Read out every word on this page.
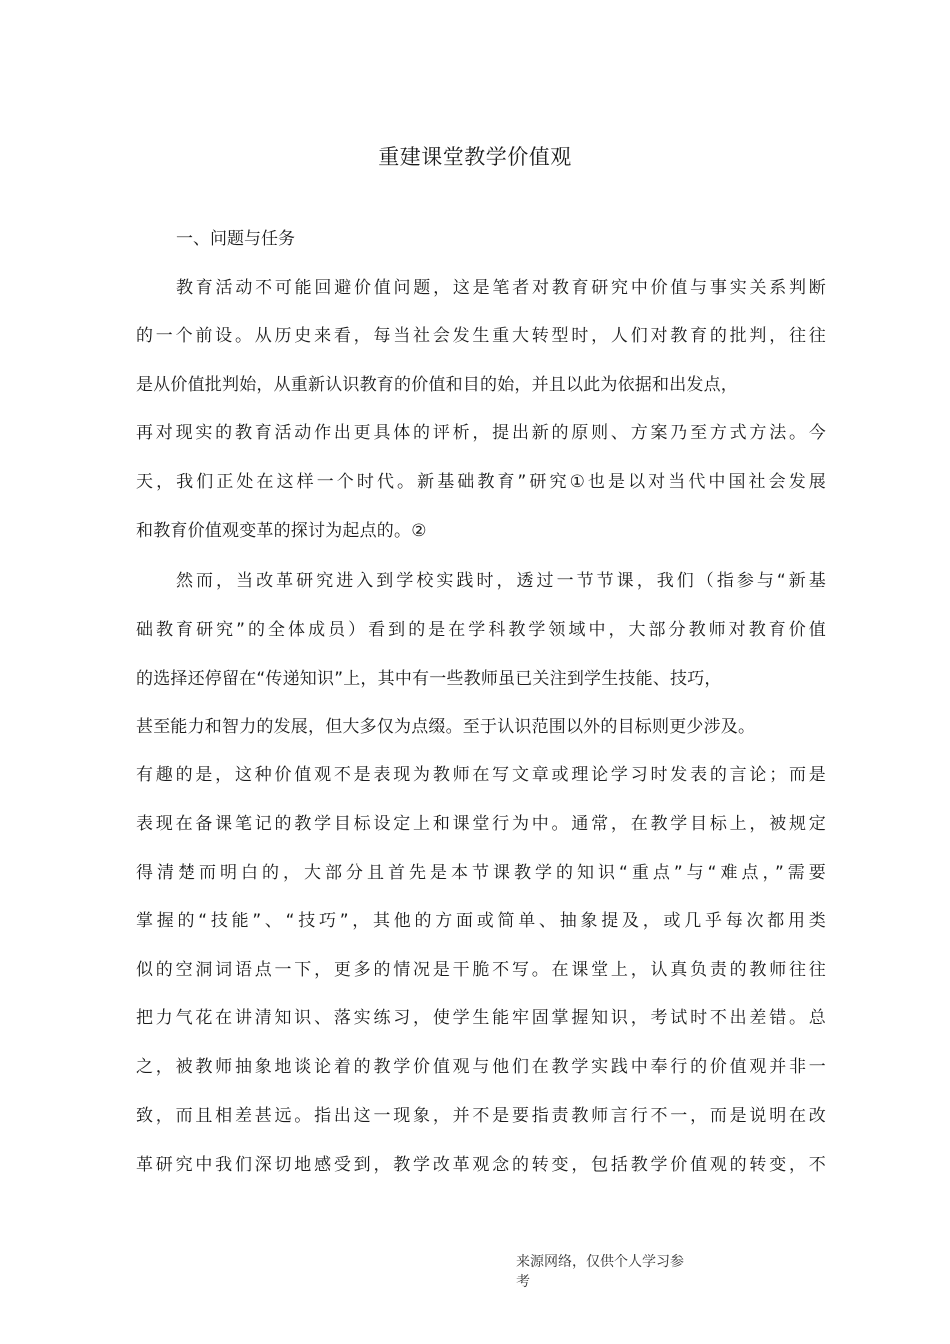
重建课堂教学价值观
一、问题与任务
教育活动不可能回避价值问题，这是笔者对教育研究中价值与事实关系判断
的一个前设。从历史来看，每当社会发生重大转型时，人们对教育的批判，往往
是从价值批判始，从重新认识教育的价值和目的始，并且以此为依据和出发点，
再对现实的教育活动作出更具体的评析，提出新的原则、方案乃至方式方法。今
天，我们正处在这样一个时代。新基础教育”研究①也是以对当代中国社会发展
和教育价值观变革的探讨为起点的。②
然而，当改革研究进入到学校实践时，透过一节节课，我们（指参与“新基
础教育研究”的全体成员）看到的是在学科教学领域中，大部分教师对教育价值
的选择还停留在“传递知识”上，其中有一些教师虽已关注到学生技能、技巧，
甚至能力和智力的发展，但大多仅为点缀。至于认识范围以外的目标则更少涉及。
有趣的是，这种价值观不是表现为教师在写文章或理论学习时发表的言论；而是
表现在备课笔记的教学目标设定上和课堂行为中。通常，在教学目标上，被规定
得清楚而明白的，大部分且首先是本节课教学的知识“重点”与“难点，”需要
掌握的“技能”、“技巧”，其他的方面或简单、抽象提及，或几乎每次都用类
似的空洞词语点一下，更多的情况是干脆不写。在课堂上，认真负责的教师往往
把力气花在讲清知识、落实练习，使学生能牢固掌握知识，考试时不出差错。总
之，被教师抽象地谈论着的教学价值观与他们在教学实践中奉行的价值观并非一
致，而且相差甚远。指出这一现象，并不是要指责教师言行不一，而是说明在改
革研究中我们深切地感受到，教学改革观念的转变，包括教学价值观的转变，不
来源网络，仅供个人学习参
考
